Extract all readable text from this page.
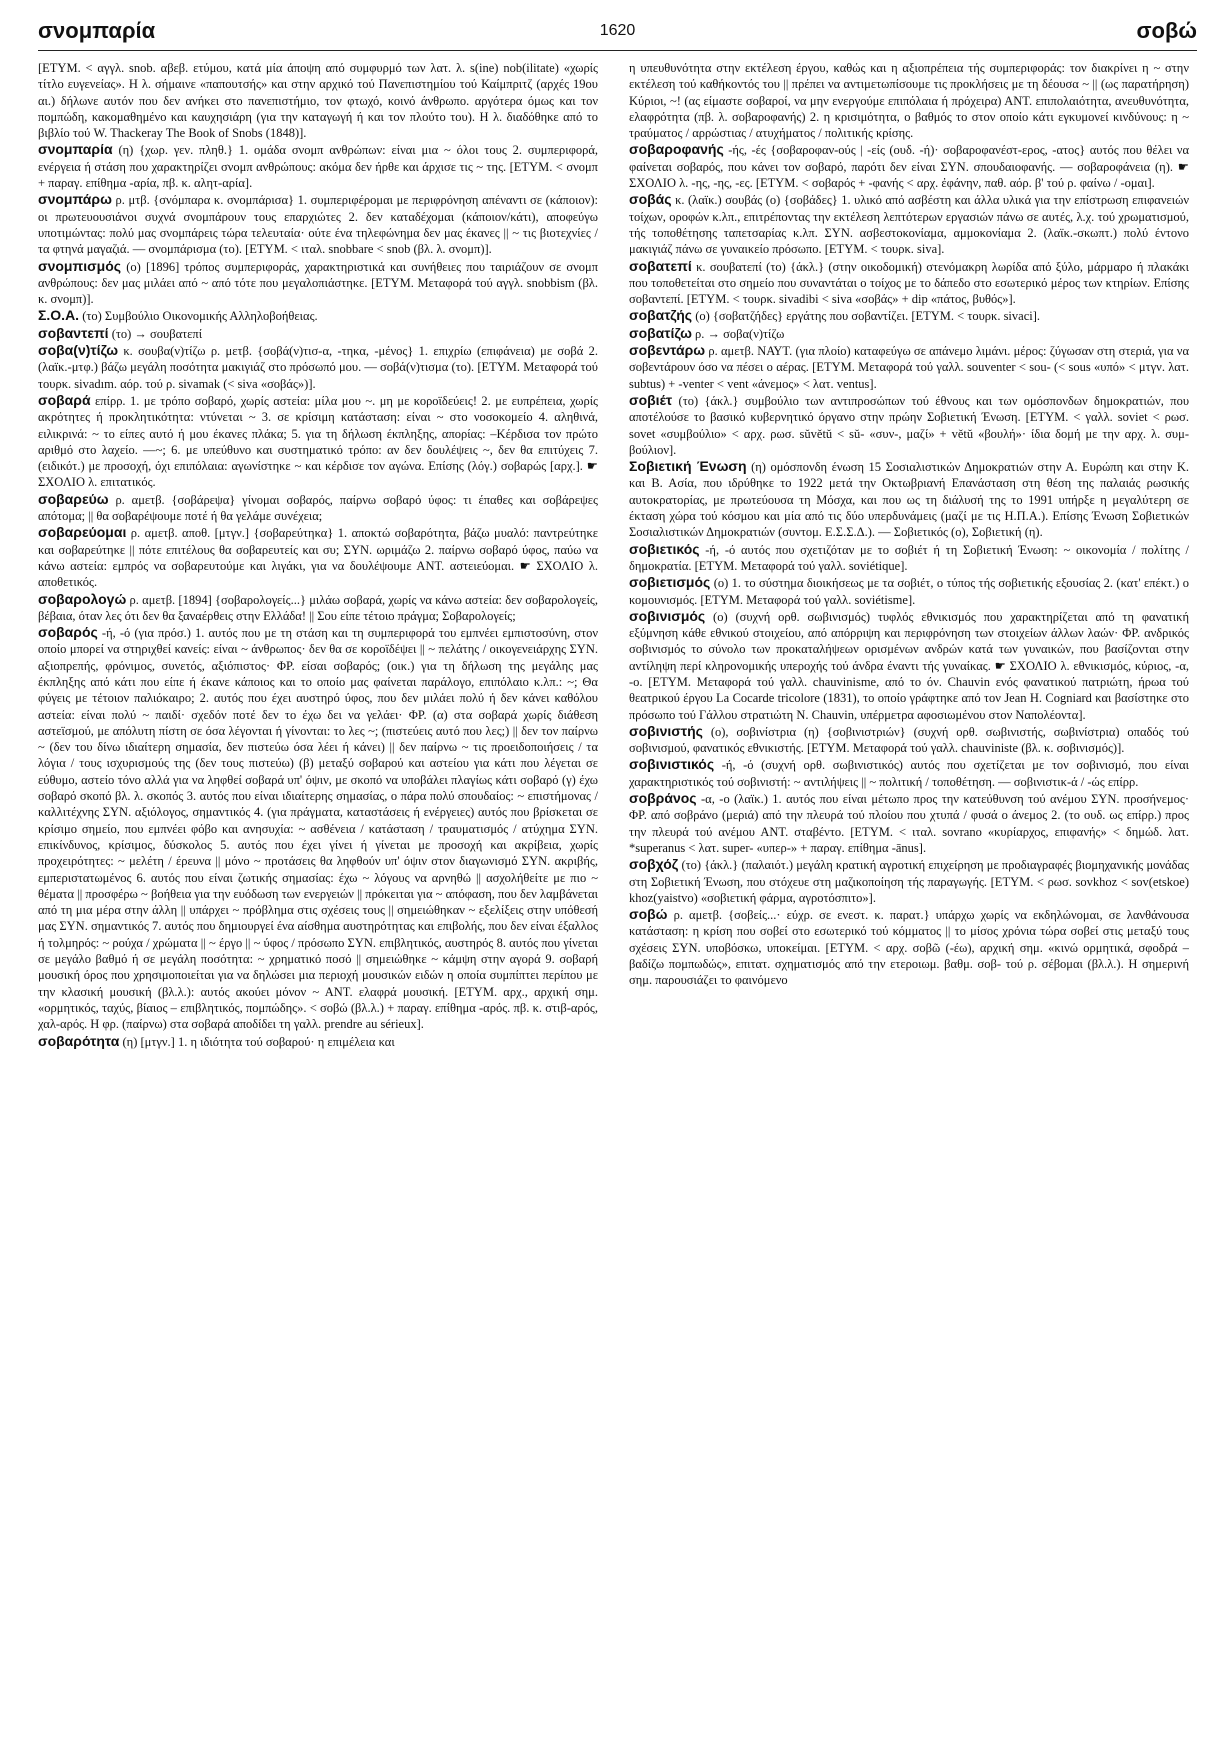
σνομπαρία	1620	σοβώ
[ΕΤΥΜ. < αγγλ. snob. αβεβ. ετύμου, κατά μία άποψη από συμφυρμό των λατ. λ. s(ine) nob(ilitate) «χωρίς τίτλο ευγενείας». Η λ. σήμαινε «παπουτσής» και στην αρχικό τού Πανεπιστημίου τού Καίμπριτζ (αρχές 19ου αι.) δήλωνε αυτόν που δεν ανήκει στο πανεπιστήμιο, τον φτωχό, κοινό άνθρωπο. αργότερα όμως και τον πομπώδη, κακομαθημένο και καυχησιάρη (για την καταγωγή ή και τον πλούτο του). Η λ. διαδόθηκε από το βιβλίο τού W. Thackeray The Book of Snobs (1848)].
σνομπαρία (η) {χωρ. γεν. πληθ.} 1. ομάδα σνομπ ανθρώπων: είναι μια ~ όλοι τους 2. συμπεριφορά, ενέργεια ή στάση που χαρακτηρίζει σνομπ ανθρώπους: ακόμα δεν ήρθε και άρχισε τις ~ της. [ΕΤΥΜ. < σνομπ + παραγ. επίθημα -αρία, πβ. κ. αλητ-αρία].
σνομπάρω ρ. μτβ. {σνόμπαρα κ. σνομπάρισα} 1. συμπεριφέρομαι με περιφρόνηση απέναντι σε (κάποιον): οι πρωτευουσιάνοι συχνά σνομπάρουν τους επαρχιώτες 2. δεν καταδέχομαι (κάποιον/κάτι), αποφεύγω υποτιμώντας: πολύ μας σνομπάρεις τώρα τελευταία· ούτε ένα τηλεφώνημα δεν μας έκανες || ~ τις βιοτεχνίες / τα φτηνά μαγαζιά. — σνομπάρισμα (το). [ΕΤΥΜ. < ιταλ. snobbare < snob (βλ. λ. σνομπ)].
σνομπισμός (ο) [1896] τρόπος συμπεριφοράς, χαρακτηριστικά και συνήθειες που ταιριάζουν σε σνομπ ανθρώπους: δεν μας μιλάει από ~ από τότε που μεγαλοπιάστηκε. [ΕΤΥΜ. Μεταφορά τού αγγλ. snobbism (βλ. κ. σνομπ)].
Σ.Ο.Α. (το) Συμβούλιο Οικονομικής Αλληλοβοήθειας.
σοβαντεπί (το) → σουβατεπί
σοβα(ν)τίζω κ. σουβα(ν)τίζω ρ. μετβ. {σοβά(ν)τισ-α, -τηκα, -μένος} 1. επιχρίω (επιφάνεια) με σοβά 2. (λαϊκ.-μτφ.) βάζω μεγάλη ποσότητα μακιγιάζ στο πρόσωπό μου. — σοβά(ν)τισμα (το). [ΕΤΥΜ. Μεταφορά τού τουρκ. sivadım. αόρ. τού ρ. sivamak (< siva «σοβάς»)].
σοβαρά επίρρ. 1. με τρόπο σοβαρό, χωρίς αστεία: μίλα μου ~. μη με κοροϊδεύεις! 2. με ευπρέπεια, χωρίς ακρότητες ή προκλητικότητα: ντύνεται ~ 3. σε κρίσιμη κατάσταση: είναι ~ στο νοσοκομείο 4. αληθινά, ειλικρινά: ~ το είπες αυτό ή μου έκανες πλάκα; 5. για τη δήλωση έκπληξης, απορίας: –Κέρδισα τον πρώτο αριθμό στο λαχείο. —~; 6. με υπεύθυνο και συστηματικό τρόπο: αν δεν δουλέψεις ~, δεν θα επιτύχεις 7. (ειδικότ.) με προσοχή, όχι επιπόλαια: αγωνίστηκε ~ και κέρδισε τον αγώνα. Επίσης (λόγ.) σοβαρώς [αρχ.]. ☛ ΣΧΟΛΙΟ λ. επιτατικός.
σοβαρεύω ρ. αμετβ. {σοβάρεψα} γίνομαι σοβαρός, παίρνω σοβαρό ύφος: τι έπαθες και σοβάρεψες απότομα; || θα σοβαρέψουμε ποτέ ή θα γελάμε συνέχεια;
σοβαρεύομαι ρ. αμετβ. αποθ. [μτγν.] {σοβαρεύτηκα} 1. αποκτώ σοβαρότητα, βάζω μυαλό: παντρεύτηκε και σοβαρεύτηκε || πότε επιτέλους θα σοβαρευτείς και συ; ΣΥΝ. ωριμάζω 2. παίρνω σοβαρό ύφος, παύω να κάνω αστεία: εμπρός να σοβαρευτούμε και λιγάκι, για να δουλέψουμε ΑΝΤ. αστειεύομαι. ☛ ΣΧΟΛΙΟ λ. αποθετικός.
σοβαρολογώ ρ. αμετβ. [1894] {σοβαρολογείς...} μιλάω σοβαρά, χωρίς να κάνω αστεία: δεν σοβαρολογείς, βέβαια, όταν λες ότι δεν θα ξαναέρθεις στην Ελλάδα! || Σου είπε τέτοιο πράγμα; Σοβαρολογείς;
σοβαρός -ή, -ό (για πρόσ.) 1. αυτός που με τη στάση και τη συμπεριφορά του εμπνέει εμπιστοσύνη, στον οποίο μπορεί να στηριχθεί κανείς: είναι ~ άνθρωπος· δεν θα σε κοροϊδέψει || ~ πελάτης / οικογενειάρχης ΣΥΝ. αξιοπρεπής, φρόνιμος, συνετός, αξιόπιστος· ΦΡ. είσαι σοβαρός; (οικ.) για τη δήλωση της μεγάλης μας έκπληξης από κάτι που είπε ή έκανε κάποιος και το οποίο μας φαίνεται παράλογο, επιπόλαιο κ.λπ.: ~; Θα φύγεις με τέτοιον παλιόκαιρο; 2. αυτός που έχει αυστηρό ύφος, που δεν μιλάει πολύ ή δεν κάνει καθόλου αστεία: είναι πολύ ~ παιδί· σχεδόν ποτέ δεν το έχω δει να γελάει· ΦΡ. (α) στα σοβαρά χωρίς διάθεση αστεϊσμού, με απόλυτη πίστη σε όσα λέγονται ή γίνονται: το λες ~; (πιστεύεις αυτό που λες;) || δεν τον παίρνω ~ (δεν του δίνω ιδιαίτερη σημασία, δεν πιστεύω όσα λέει ή κάνει) || δεν παίρνω ~ τις προειδοποιήσεις / τα λόγια / τους ισχυρισμούς της (δεν τους πιστεύω) (β) μεταξύ σοβαρού και αστείου για κάτι που λέγεται σε εύθυμο, αστείο τόνο αλλά για να ληφθεί σοβαρά υπ' όψιν, με σκοπό να υποβάλει πλαγίως κάτι σοβαρό (γ) έχω σοβαρό σκοπό βλ. λ. σκοπός 3. αυτός που είναι ιδιαίτερης σημασίας, ο πάρα πολύ σπουδαίος: ~ επιστήμονας / καλλιτέχνης ΣΥΝ. αξιόλογος, σημαντικός 4. (για πράγματα, καταστάσεις ή ενέργειες) αυτός που βρίσκεται σε κρίσιμο σημείο, που εμπνέει φόβο και ανησυχία: ~ ασθένεια / κατάσταση / τραυματισμός / ατύχημα ΣΥΝ. επικίνδυνος, κρίσιμος, δύσκολος 5. αυτός που έχει γίνει ή γίνεται με προσοχή και ακρίβεια, χωρίς προχειρότητες: ~ μελέτη / έρευνα || μόνο ~ προτάσεις θα ληφθούν υπ' όψιν στον διαγωνισμό ΣΥΝ. ακριβής, εμπεριστατωμένος 6. αυτός που είναι ζωτικής σημασίας: έχω ~ λόγους να αρνηθώ || ασχολήθείτε με πιο ~ θέματα || προσφέρω ~ βοήθεια για την ευόδωση των ενεργειών || πρόκειται για ~ απόφαση, που δεν λαμβάνεται από τη μια μέρα στην άλλη || υπάρχει ~ πρόβλημα στις σχέσεις τους || σημειώθηκαν ~ εξελίξεις στην υπόθεσή μας ΣΥΝ. σημαντικός 7. αυτός που δημιουργεί ένα αίσθημα αυστηρότητας και επιβολής, που δεν είναι έξαλλος ή τολμηρός: ~ ρούχα / χρώματα || ~ έργο || ~ ύφος / πρόσωπο ΣΥΝ. επιβλητικός, αυστηρός 8. αυτός που γίνεται σε μεγάλο βαθμό ή σε μεγάλη ποσότητα: ~ χρηματικό ποσό || σημειώθηκε ~ κάμψη στην αγορά 9. σοβαρή μουσική όρος που χρησιμοποιείται για να δηλώσει μια περιοχή μουσικών ειδών η οποία συμπίπτει περίπου με την κλασική μουσική (βλ.λ.): αυτός ακούει μόνον ~ ΑΝΤ. ελαφρά μουσική. [ΕΤΥΜ. αρχ., αρχική σημ. «ορμητικός, ταχύς, βίαιος – επιβλητικός, πομπώδης». < σοβώ (βλ.λ.) + παραγ. επίθημα -αρός. πβ. κ. στιβ-αρός, χαλ-αρός. Η φρ. (παίρνω) στα σοβαρά αποδίδει τη γαλλ. prendre au sérieux].
σοβαρότητα (η) [μτγν.] 1. η ιδιότητα τού σοβαρού· η επιμέλεια και
η υπευθυνότητα στην εκτέλεση έργου, καθώς και η αξιοπρέπεια τής συμπεριφοράς: τον διακρίνει η ~ στην εκτέλεση τού καθήκοντός του || πρέπει να αντιμετωπίσουμε τις προκλήσεις με τη δέουσα ~ || (ως παρατήρηση) Κύριοι, ~! (ας είμαστε σοβαροί, να μην ενεργούμε επιπόλαια ή πρόχειρα) ΑΝΤ. επιπολαιότητα, ανευθυνότητα, ελαφρότητα (πβ. λ. σοβαροφανής) 2. η κρισιμότητα, ο βαθμός το στον οποίο κάτι εγκυμονεί κινδύνους: η ~ τραύματος / αρρώστιας / ατυχήματος / πολιτικής κρίσης.
σοβαροφανής -ής, -ές {σοβαροφαν-ούς | -είς (ουδ. -ή)· σοβαροφανέστ-ερος, -ατος} αυτός που θέλει να φαίνεται σοβαρός, που κάνει τον σοβαρό, παρότι δεν είναι ΣΥΝ. σπουδαιοφανής. — σοβαροφάνεια (η). ☛ ΣΧΟΛΙΟ λ. -ης, -ης, -ες. [ΕΤΥΜ. < σοβαρός + -φανής < αρχ. ἐφάνην, παθ. αόρ. β' τού ρ. φαίνω / -ομαι].
σοβάς κ. (λαϊκ.) σουβάς (ο) {σοβάδες} 1. υλικό από ασβέστη και άλλα υλικά για την επίστρωση επιφανειών τοίχων, οροφών κ.λπ., επιτρέποντας την εκτέλεση λεπτότερων εργασιών πάνω σε αυτές, λ.χ. τού χρωματισμού, τής τοποθέτησης ταπετσαρίας κ.λπ. ΣΥΝ. ασβεστοκονίαμα, αμμοκονίαμα 2. (λαϊκ.-σκωπτ.) πολύ έντονο μακιγιάζ πάνω σε γυναικείο πρόσωπο. [ΕΤΥΜ. < τουρκ. siva].
σοβατεπί κ. σουβατεπί (το) {άκλ.} (στην οικοδομική) στενόμακρη λωρίδα από ξύλο, μάρμαρο ή πλακάκι που τοποθετείται στο σημείο που συναντάται ο τοίχος με το δάπεδο στο εσωτερικό μέρος των κτηρίων. Επίσης σοβαντεπί. [ΕΤΥΜ. < τουρκ. sivadibi < siva «σοβάς» + dip «πάτος, βυθός»].
σοβατζής (ο) {σοβατζήδες} εργάτης που σοβαντίζει. [ΕΤΥΜ. < τουρκ. sivaci].
σοβατίζω ρ. → σοβα(ν)τίζω
σοβεντάρω ρ. αμετβ. ΝΑΥΤ. (για πλοίο) καταφεύγω σε απάνεμο λιμάνι. μέρος: ζύγωσαν στη στεριά, για να σοβεντάρουν όσο να πέσει ο αέρας. [ΕΤΥΜ. Μεταφορά τού γαλλ. souventer < sou- (< sous «υπό» < μτγν. λατ. subtus) + -venter < vent «άνεμος» < λατ. ventus].
σοβιέτ (το) {άκλ.} συμβούλιο των αντιπροσώπων τού έθνους και των ομόσπονδων δημοκρατιών, που αποτέλούσε το βασικό κυβερνητικό όργανο στην πρώην Σοβιετική Ένωση. [ΕΤΥΜ. < γαλλ. soviet < ρωσ. sovet «συμβούλιο» < αρχ. ρωσ. sŭvětŭ < sŭ- «συν-, μαζί» + větŭ «βουλή»· ίδια δομή με την αρχ. λ. συμ-βούλιον].
Σοβιετική Ένωση (η) ομόσπονδη ένωση 15 Σοσιαλιστικών Δημοκρατιών στην Α. Ευρώπη και στην Κ. και Β. Ασία, που ιδρύθηκε το 1922 μετά την Οκτωβριανή Επανάσταση στη θέση της παλαιάς ρωσικής αυτοκρατορίας, με πρωτεύουσα τη Μόσχα, και που ως τη διάλυσή της το 1991 υπήρξε η μεγαλύτερη σε έκταση χώρα τού κόσμου και μία από τις δύο υπερδυνάμεις (μαζί με τις Η.Π.Α.). Επίσης Ένωση Σοβιετικών Σοσιαλιστικών Δημοκρατιών (συντομ. Ε.Σ.Σ.Δ.). — Σοβιετικός (ο), Σοβιετική (η).
σοβιετικός -ή, -ό αυτός που σχετιζόταν με το σοβιέτ ή τη Σοβιετική Ένωση: ~ οικονομία / πολίτης / δημοκρατία. [ΕΤΥΜ. Μεταφορά τού γαλλ. soviétique].
σοβιετισμός (ο) 1. το σύστημα διοικήσεως με τα σοβιέτ, ο τύπος τής σοβιετικής εξουσίας 2. (κατ' επέκτ.) ο κομουνισμός. [ΕΤΥΜ. Μεταφορά τού γαλλ. soviétisme].
σοβινισμός (ο) (συχνή ορθ. σωβινισμός) τυφλός εθνικισμός που χαρακτηρίζεται από τη φανατική εξύμνηση κάθε εθνικού στοιχείου, από απόρριψη και περιφρόνηση των στοιχείων άλλων λαών· ΦΡ. ανδρικός σοβινισμός το σύνολο των προκαταλήψεων ορισμένων ανδρών κατά των γυναικών, που βασίζονται στην αντίληψη περί κληρονομικής υπεροχής τού άνδρα έναντι τής γυναίκας. ☛ ΣΧΟΛΙΟ λ. εθνικισμός, κύριος, -α, -ο. [ΕΤΥΜ. Μεταφορά τού γαλλ. chauvinisme, από το όν. Chauvin ενός φανατικού πατριώτη, ήρωα τού θεατρικού έργου La Cocarde tricolore (1831), το οποίο γράφτηκε από τον Jean H. Cogniard και βασίστηκε στο πρόσωπο τού Γάλλου στρατιώτη N. Chauvin, υπέρμετρα αφοσιωμένου στον Ναπολέοντα].
σοβινιστής (ο), σοβινίστρια (η) {σοβινιστριών} (συχνή ορθ. σωβινιστής, σωβινίστρια) οπαδός τού σοβινισμού, φανατικός εθνικιστής. [ΕΤΥΜ. Μεταφορά τού γαλλ. chauviniste (βλ. κ. σοβινισμός)].
σοβινιστικός -ή, -ό (συχνή ορθ. σωβινιστικός) αυτός που σχετίζεται με τον σοβινισμό, που είναι χαρακτηριστικός τού σοβινιστή: ~ αντιλήψεις || ~ πολιτική / τοποθέτηση. — σοβινιστικ-ά / -ώς επίρρ.
σοβράνος -α, -ο (λαϊκ.) 1. αυτός που είναι μέτωπο προς την κατεύθυνση τού ανέμου ΣΥΝ. προσήνεμος· ΦΡ. από σοβράνο (μεριά) από την πλευρά τού πλοίου που χτυπά / φυσά ο άνεμος 2. (το ουδ. ως επίρρ.) προς την πλευρά τού ανέμου ΑΝΤ. σταβέντο. [ΕΤΥΜ. < ιταλ. sovrano «κυρίαρχος, επιφανής» < δημώδ. λατ. *superanus < λατ. super- «υπερ-» + παραγ. επίθημα -ānus].
σοβχόζ (το) {άκλ.} (παλαιότ.) μεγάλη κρατική αγροτική επιχείρηση με προδιαγραφές βιομηχανικής μονάδας στη Σοβιετική Ένωση, που στόχευε στη μαζικοποίηση τής παραγωγής. [ΕΤΥΜ. < ρωσ. sovkhoz < sov(etskoe) khoz(yaistvo) «σοβιετική φάρμα, αγροτόσπιτο»].
σοβώ ρ. αμετβ. {σοβείς...· εύχρ. σε ενεστ. κ. παρατ.} υπάρχω χωρίς να εκδηλώνομαι, σε λανθάνουσα κατάσταση: η κρίση που σοβεί στο εσωτερικό τού κόμματος || το μίσος χρόνια τώρα σοβεί στις μεταξύ τους σχέσεις ΣΥΝ. υποβόσκω, υποκείμαι. [ΕΤΥΜ. < αρχ. σοβῶ (-έω), αρχική σημ. «κινώ ορμητικά, σφοδρά – βαδίζω πομπωδώς», επιτατ. σχηματισμός από την ετεροιωμ. βαθμ. σοβ- τού ρ. σέβομαι (βλ.λ.). Η σημερινή σημ. παρουσιάζει το φαινόμενο
